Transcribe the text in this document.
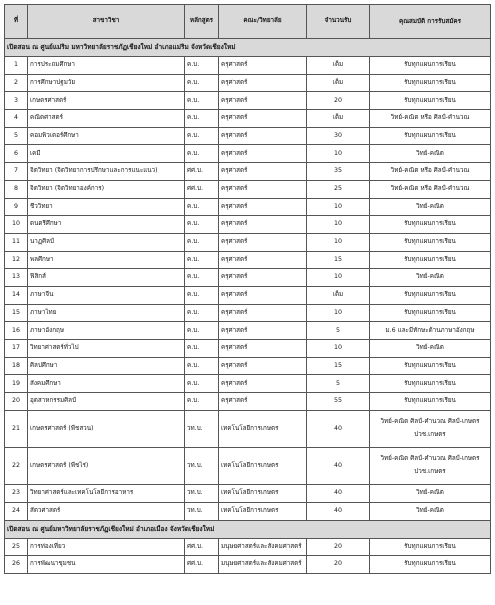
ที่	สาขาวิชา	หลักสูตร	คณะ/วิทยาลัย	จำนวนรับ	คุณสมบัติ การรับสมัคร
เปิดสอน ณ ศูนย์แม่ริม มหาวิทยาลัยราชภัฏเชียงใหม่ อำเภอแม่ริม จังหวัดเชียงใหม่					
1	การประถมศึกษา	ค.บ.	ครุศาสตร์	เต็ม	รับทุกแผนการเรียน
2	การศึกษาปฐมวัย	ค.บ.	ครุศาสตร์	เต็ม	รับทุกแผนการเรียน
3	เกษตรศาสตร์	ค.บ.	ครุศาสตร์	20	รับทุกแผนการเรียน
4	คณิตศาสตร์	ค.บ.	ครุศาสตร์	เต็ม	วิทย์-คณิต หรือ ศิลป์-คำนวณ
5	คอมพิวเตอร์ศึกษา	ค.บ.	ครุศาสตร์	30	รับทุกแผนการเรียน
6	เคมี	ค.บ.	ครุศาสตร์	10	วิทย์-คณิต
7	จิตวิทยา (จิตวิทยาการปรึกษาและการแนะแนว)	ศศ.บ.	ครุศาสตร์	35	วิทย์-คณิต หรือ ศิลป์-คำนวณ
8	จิตวิทยา (จิตวิทยาองค์การ)	ศศ.บ.	ครุศาสตร์	25	วิทย์-คณิต หรือ ศิลป์-คำนวณ
9	ชีววิทยา	ค.บ.	ครุศาสตร์	10	วิทย์-คณิต
10	ดนตรีศึกษา	ค.บ.	ครุศาสตร์	10	รับทุกแผนการเรียน
11	นาฏศิลป์	ค.บ.	ครุศาสตร์	10	รับทุกแผนการเรียน
12	พลศึกษา	ค.บ.	ครุศาสตร์	15	รับทุกแผนการเรียน
13	ฟิสิกส์	ค.บ.	ครุศาสตร์	10	วิทย์-คณิต
14	ภาษาจีน	ค.บ.	ครุศาสตร์	เต็ม	รับทุกแผนการเรียน
15	ภาษาไทย	ค.บ.	ครุศาสตร์	10	รับทุกแผนการเรียน
16	ภาษาอังกฤษ	ค.บ.	ครุศาสตร์	5	ม.6 และมีทักษะด้านภาษาอังกฤษ
17	วิทยาศาสตร์ทั่วไป	ค.บ.	ครุศาสตร์	10	วิทย์-คณิต
18	ศิลปศึกษา	ค.บ.	ครุศาสตร์	15	รับทุกแผนการเรียน
19	สังคมศึกษา	ค.บ.	ครุศาสตร์	5	รับทุกแผนการเรียน
20	อุตสาหกรรมศิลป์	ค.บ.	ครุศาสตร์	55	รับทุกแผนการเรียน
21	เกษตรศาสตร์ (พืชสวน)	วท.บ.	เทคโนโลยีการเกษตร	40	วิทย์-คณิต ศิลป์-คำนวณ ศิลป์-เกษตร ปวช.เกษตร
22	เกษตรศาสตร์ (พืชไร่)	วท.บ.	เทคโนโลยีการเกษตร	40	วิทย์-คณิต ศิลป์-คำนวณ ศิลป์-เกษตร ปวช.เกษตร
23	วิทยาศาสตร์และเทคโนโลยีการอาหาร	วท.บ.	เทคโนโลยีการเกษตร	40	วิทย์-คณิต
24	สัตวศาสตร์	วท.บ.	เทคโนโลยีการเกษตร	40	วิทย์-คณิต
เปิดสอน ณ ศูนย์มหาวิทยาลัยราชภัฏเชียงใหม่ อำเภอเมือง จังหวัดเชียงใหม่					
25	การท่องเที่ยว	ศศ.บ.	มนุษยศาสตร์และสังคมศาสตร์	20	รับทุกแผนการเรียน
26	การพัฒนาชุมชน	ศศ.บ.	มนุษยศาสตร์และสังคมศาสตร์	20	รับทุกแผนการเรียน
